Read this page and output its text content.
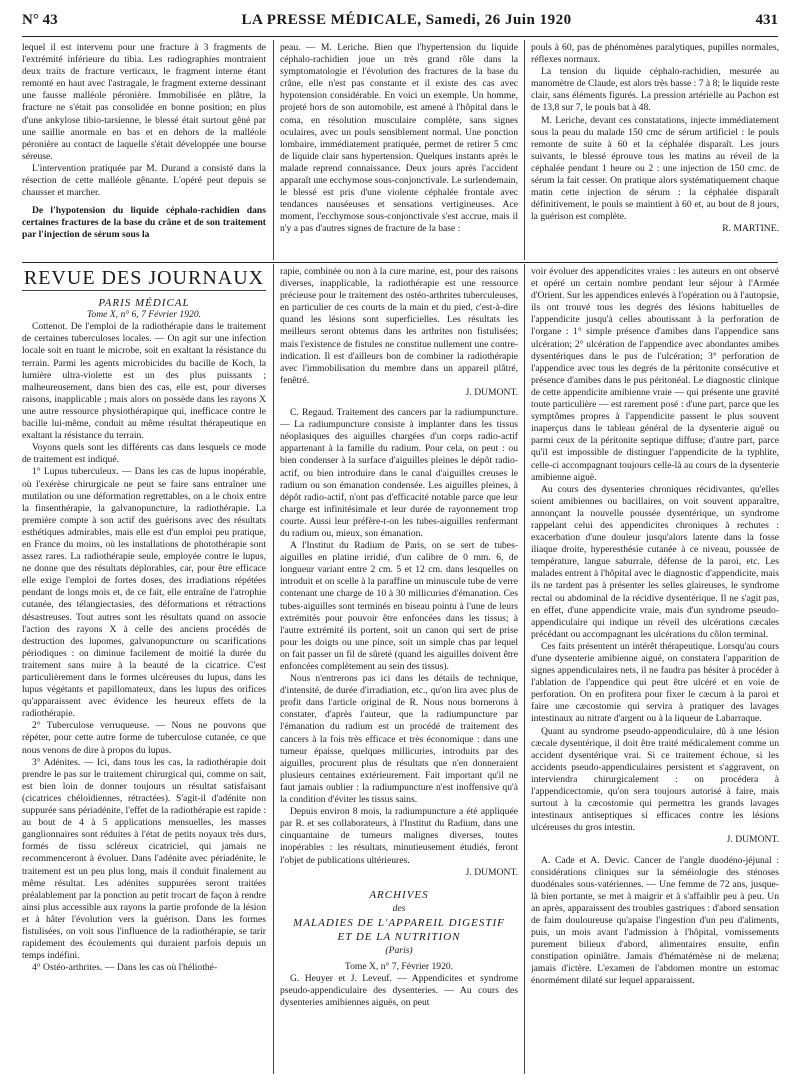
N° 43	LA PRESSE MÉDICALE, Samedi, 26 Juin 1920	431

lequel il est intervenu pour une fracture à 3 fragments de l'extrémité inférieure du tibia. Les radiographies montraient deux traits de fracture verticaux, le fragment interne étant remonté en haut avec l'astragale, le fragment externe dessinant une fausse malléole péronière. Immobilisée en plâtre, la fracture ne s'était pas consolidée en bonne position; en plus d'une ankylose tibio-tarsienne, le blessé était surtout gêné par une saillie anormale en bas et en dehors de la malléole péronière au contact de laquelle s'était développée une bourse séreuse.

L'intervention pratiquée par M. Durand a consisté dans la résection de cette malléole gênante. L'opéré peut depuis se chausser et marcher.

De l'hypotension du liquide céphalo-rachidien dans certaines fractures de la base du crâne et de son traitement par l'injection de sérum sous la

peau. — M. Leriche. Bien que l'hypertension du liquide céphalo-rachidien joue un très grand rôle dans la symptomatologie et l'évolution des fractures de la base du crâne, elle n'est pas constante et il existe des cas avec hypotension considérable. En voici un exemple. Un homme, projeté hors de son automobile, est amené à l'hôpital dans le coma, en résolution musculaire complète, sans signes oculaires, avec un pouls sensiblement normal. Une ponction lombaire, immédiatement pratiquée, permet de retirer 5 cmc de liquide clair sans hypertension. Quelques instants après le malade reprend connaissance. Deux jours après l'accident apparaît une ecchymose sous-conjonctivale. Le surlendemain, le blessé est pris d'une violente céphalée frontale avec tendances nauséeuses et sensations vertigineuses. Ace moment, l'ecchymose sous-conjonctivale s'est accrue, mais il n'y a pas d'autres signes de fracture de la base :

pouls à 60, pas de phénomènes paralytiques, pupilles normales, réflexes normaux.

La tension du liquide céphalo-rachidien, mesurée au manomètre de Claude, est alors très basse : 7 à 8; le liquide reste clair, sans éléments figurés. La pression artérielle au Pachon est de 13,8 sur 7, le pouls bat à 48.

M. Leriche, devant ces constatations, injecte immédiatement sous la peau du malade 150 cmc de sérum artificiel : le pouls remonte de suite à 60 et la céphalée disparaît. Les jours suivants, le blessé éprouve tous les matins au réveil de la céphalée pendant 1 heure ou 2 : une injection de 150 cmc. de sérum la fait cesser. On pratique alors systématiquement chaque matin cette injection de sérum : la céphalée disparaît définitivement, le pouls se maintient à 60 et, au bout de 8 jours, la guérison est complète.

R. MARTINE.

REVUE DES JOURNAUX

PARIS MÉDICAL

Tome X, n° 6, 7 Février 1920.

Cottenot. De l'emploi de la radiothérapie dans le traitement de certaines tuberculoses locales. — On agit sur une infection locale soit en tuant le microbe, soit en exaltant la résistance du terrain. Parmi les agents microbicides du bacille de Koch, la lumière ultra-violette est un des plus puissants ; malheureusement, dans bien des cas, elle est, pour diverses raisons, inapplicable ; mais alors on possède dans les rayons X une autre ressource physiothérapique qui, inefficace contre le bacille lui-même, conduit au même résultat thérapeutique en exaltant la résistance du terrain.

Voyons quels sont les différents cas dans lesquels ce mode de traitement est indiqué.

1° Lupus tuberculeux. — Dans les cas de lupus inopérable, où l'exérèse chirurgicale ne peut se faire sans entraîner une mutilation ou une déformation regrettables, on a le choix entre la finsenthérapie, la galvanopuncture, la radiothérapie. La première compte à son actif des guérisons avec des résultats esthétiques admirables, mais elle est d'un emploi peu pratique, en France du moins, où les installations de photothérapie sont assez rares. La radiothérapie seule, employée contre le lupus, ne donne que des résultats déplorables, car, pour être efficace elle exige l'emploi de fortes doses, des irradiations répétées pendant de longs mois et, de ce fait, elle entraîne de l'atrophie cutanée, des télangiectasies, des déformations et rétractions désastreuses. Tout autres sont les résultats quand on associe l'action des rayons X à celle des anciens procédés de destruction des lupomes, galvanopuncture ou scarifications périodiques : on diminue facilement de moitié la durée du traitement sans nuire à la beauté de la cicatrice. C'est particulièrement dans le formes ulcéreuses du lupus, dans les lupus végétants et papillomateux, dans les lupus des orifices qu'apparaissent avec évidence les heureux effets de la radiothérapie.

2° Tuberculose verruqueuse. — Nous ne pouvons que répéter, pour cette autre forme de tuberculose cutanée, ce que nous venons de dire à propos du lupus.

3° Adénites. — Ici, dans tous les cas, la radiothérapie doit prendre le pas sur le traitement chirurgical qui, comme on sait, est bien loin de donner toujours un résultat satisfaisant (cicatrices chéloïdiennes, rétractées). S'agit-il d'adénite non suppurée sans périadénite, l'effet de la radiothérapie est rapide : au bout de 4 à 5 applications mensuelles, les masses ganglionnaires sont réduites à l'état de petits noyaux très durs, formés de tissu scléreux cicatriciel, qui jamais ne recommenceront à évoluer. Dans l'adénite avec périadénite, le traitement est un peu plus long, mais il conduit finalement au même résultat. Les adénites suppurées seront traitées préalablement par la ponction au petit trocart de façon à rendre ainsi plus accessible aux rayons la partie profonde de la lésion et à hâter l'évolution vers la guérison. Dans les formes fistulisées, on voit sous l'influence de la radiothérapie, se tarir rapidement des écoulements qui duraient parfois depuis un temps indéfini.

4° Ostéo-arthrites. — Dans les cas où l'héliothé-

rapie, combinée ou non à la cure marine, est, pour des raisons diverses, inapplicable, la radiothérapie est une ressource précieuse pour le traitement des ostéo-arthrites tuberculeuses, en particulier de ces courts de la main et du pied, c'est-à-dire quand les lésions sont superficielles. Les résultats les meilleurs seront obtenus dans les arthrites non fistulisées; mais l'existence de fistules ne constitue nullement une contre-indication. Il est d'ailleurs bon de combiner la radiothérapie avec l'immobilisation du membre dans un appareil plâtré, fenêtré.

J. DUMONT.

C. Regaud. Traitement des cancers par la radiumpuncture. — La radiumpuncture consiste à implanter dans les tissus néoplasiques des aiguilles chargées d'un corps radio-actif appartenant à la famille du radium. Pour cela, on peut : ou bien condenser à la surface d'aiguilles pleines le dépôt radio-actif, ou bien introduire dans le canal d'aiguilles creuses le radium ou son émanation condensée. Les aiguilles pleines, à dépôt radio-actif, n'ont pas d'efficacité notable parce que leur charge est infinitésimale et leur durée de rayonnement trop courte. Aussi leur préfère-t-on les tubes-aiguilles renfermant du radium ou, mieux, son émanation.

A l'Institut du Radium de Paris, on se sert de tubes-aiguilles en platine irridié, d'un calibre de 0 mm. 6, de longueur variant entre 2 cm. 5 et 12 cm. dans lesquelles on introduit et on scelle à la paraffine un minuscule tube de verre contenant une charge de 10 à 30 millicuries d'émanation. Ces tubes-aiguilles sont terminés en biseau pointu à l'une de leurs extrémités pour pouvoir être enfoncées dans les tissus; à l'autre extrémité ils portent, soit un canon qui sert de prise pour les doigts ou une pince, soit un simple chas par lequel on fait passer un fil de sûreté (quand les aiguilles doivent être enfoncées complètement au sein des tissus).

Nous n'entrerons pas ici dans les détails de technique, d'intensité, de durée d'irradiation, etc., qu'on lira avec plus de profit dans l'article original de R. Nous nous bornerons à constater, d'après l'auteur, que la radiumpuncture par l'émanation du radium est un procédé de traitement des cancers à la fois très efficace et très économique : dans une tumeur épaisse, quelques millicuries, introduits par des aiguilles, procurent plus de résultats que n'en donneraient plusieurs centaines extérieurement. Fait important qu'il ne faut jamais oublier : la radiumpuncture n'est inoffensive qu'à la condition d'éviter les tissus sains.

Depuis environ 8 mois, la radiumpuncture a été appliquée par R. et ses collaborateurs, à l'Institut du Radium, dans une cinquantaine de tumeurs malignes diverses, toutes inopérables : les résultats, minutieusement étudiés, feront l'objet de publications ultérieures.

J. DUMONT.

ARCHIVES

des

MALADIES DE L'APPAREIL DIGESTIF

ET DE LA NUTRITION

(Paris)

Tome X, n° 7, Février 1920.

G. Heuyer et J. Leveuf. — Appendicites et syndrome pseudo-appendiculaire des dysenteries. — Au cours des dysenteries amibiennes aiguës, on peut

voir évoluer des appendicites vraies : les auteurs en ont observé et opéré un certain nombre pendant leur séjour à l'Armée d'Orient. Sur les appendices enlevés à l'opération ou à l'autopsie, ils ont trouvé tous les degrés des lésions habituelles de l'appendicite jusqu'à celles aboutissant à la perforation de l'organe : 1° simple présence d'amibes dans l'appendice sans ulcération; 2° ulcération de l'appendice avec abondantes amibes dysentériques dans le pus de l'ulcération; 3° perforation de l'appendice avec tous les degrés de la péritonite consécutive et présence d'amibes dans le pus péritonéal. Le diagnostic clinique de cette appendicite amibienne vraie — qui présente une gravité toute particulière — est rarement posé : d'une part, parce que les symptômes propres à l'appendicite passent le plus souvent inaperçus dans le tableau général de la dysenterie aiguë ou parmi ceux de la péritonite septique diffuse; d'autre part, parce qu'il est impossible de distinguer l'appendicite de la typhlite, celle-ci accompagnant toujours celle-là au cours de la dysenterie amibienne aiguë.

Au cours des dysenteries chroniques récidivantes, qu'elles soient amibiennes ou bacillaires, on voit souvent apparaître, annonçant la nouvelle poussée dysentérique, un syndrome rappelant celui des appendicites chroniques à rechutes : exacerbation d'une douleur jusqu'alors latente dans la fosse iliaque droite, hyperesthésie cutanée à ce niveau, poussée de température, langue saburrale, défense de la paroi, etc. Les malades entrent à l'hôpital avec le diagnostic d'appendicite, mais ils ne tardent pas à présenter les selles glaireuses, le syndrome rectal ou abdominal de la récidive dysentérique. Il ne s'agit pas, en effet, d'une appendicite vraie, mais d'un syndrome pseudo-appendiculaire qui indique un réveil des ulcérations cæcales précédant ou accompagnant les ulcérations du côlon terminal.

Ces faits présentent un intérêt thérapeutique. Lorsqu'au cours d'une dysenterie amibienne aiguë, on constatera l'apparition de signes appendiculaires nets, il ne faudra pas hésiter à procéder à l'ablation de l'appendice qui peut être ulcéré et en voie de perforation. On en profitera pour fixer le cæcum à la paroi et faire une cæcostomie qui servira à pratiquer des lavages intestinaux au nitrate d'argent ou à la liqueur de Labarraque.

Quant au syndrome pseudo-appendiculaire, dû à une lésion cæcale dysentérique, il doit être traité médicalement comme un accident dysentérique vrai. Si ce traitement échoue, si les accidents pseudo-appendiculaires persistent et s'aggravent, on interviendra chirurgicalement : on procédera à l'appendicectomie, qu'on sera toujours autorisé à faire, mais surtout à la cæcostomie qui permettra les grands lavages intestinaux antiseptiques si efficaces contre les lésions ulcéreuses du gros intestin.

J. DUMONT.

A. Cade et A. Devic. Cancer de l'angle duodéno-jéjunal : considérations cliniques sur la séméiologie des sténoses duodénales sous-vatériennes. — Une femme de 72 ans, jusque-là bien portante, se met à maigrir et à s'affaiblir peu à peu. Un an après, apparaissent des troubles gastriques : d'abord sensation de faim douloureuse qu'apaise l'ingestion d'un peu d'aliments, puis, un mois avant l'admission à l'hôpital, vomissements purement bilieux d'abord, alimentaires ensuite, enfin constipation opiniâtre. Jamais d'hématémèse ni de melæna; jamais d'ictère. L'examen de l'abdomen montre un estomac énormément dilaté sur lequel apparaissent.
